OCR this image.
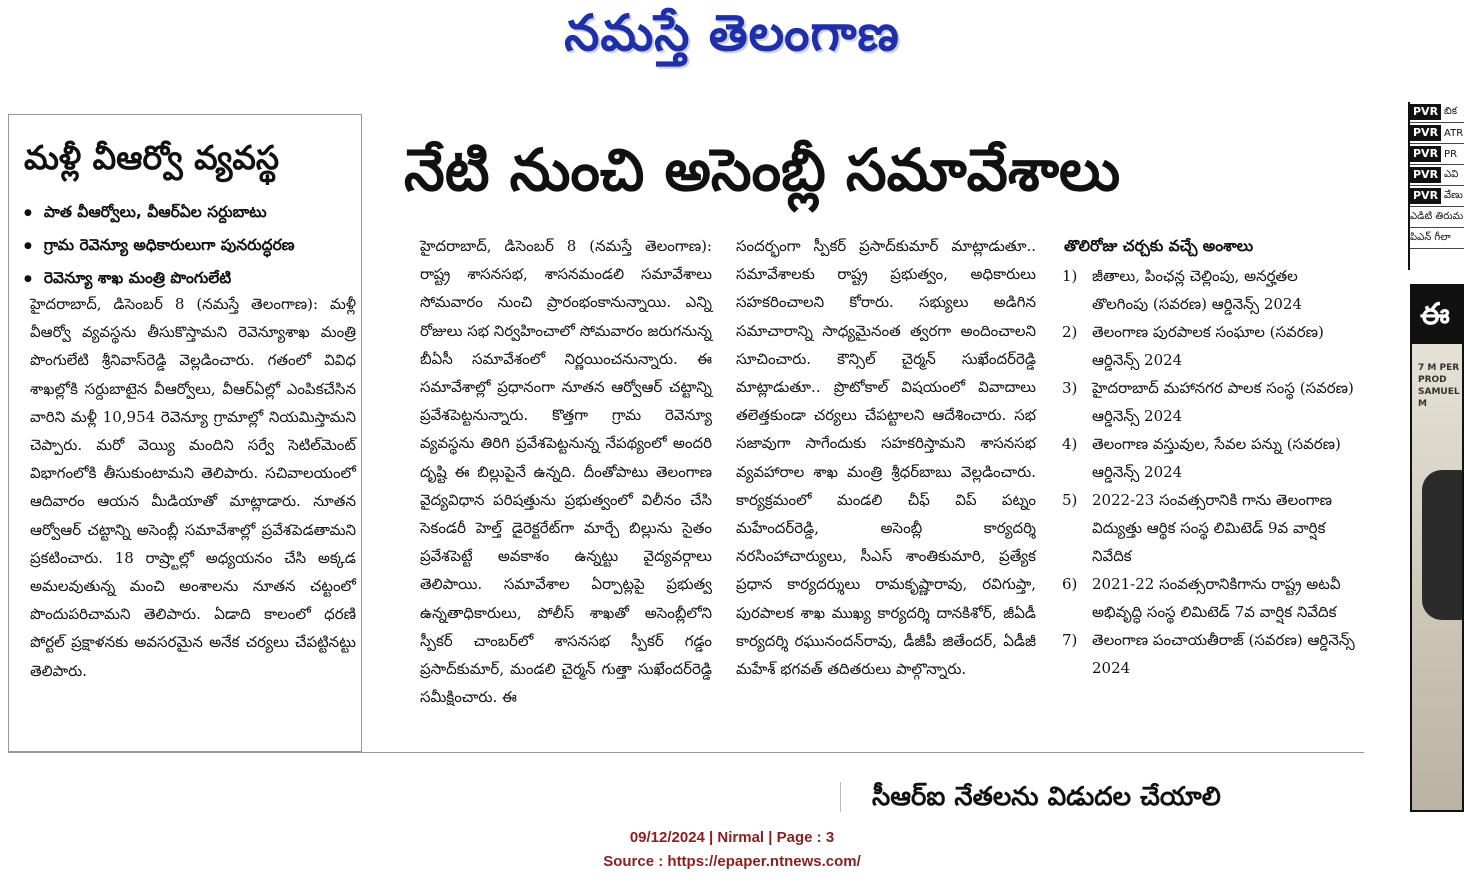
నమస్తే తెలంగాణ
మళ్లీ వీఆర్వో వ్యవస్థ
● పాత వీఆర్వోలు, వీఆర్‌ఏల సర్దుబాటు
● గ్రామ రెవెన్యూ అధికారులుగా పునరుద్ధరణ
● రెవెన్యూ శాఖ మంత్రి పొంగులేటి
హైదరాబాద్‌, డిసెంబర్‌ 8 (నమస్తే తెలంగాణ): మళ్లీ వీఆర్వో వ్యవస్థను తీసుకొస్తామని రెవెన్యూశాఖ మంత్రి పొంగులేటి శ్రీనివాస్‌రెడ్డి వెల్లడించారు. గతంలో వివిధ శాఖల్లోకి సర్దుబాటైన వీఆర్వోలు, వీఆర్‌ఏల్లో ఎంపికచేసిన వారిని మళ్లీ 10,954 రెవెన్యూ గ్రామాల్లో నియమిస్తామని చెప్పారు. మరో వెయ్యి మందిని సర్వే సెటిల్‌మెంట్‌ విభాగంలోకి తీసుకుంటామని తెలిపారు. సచివాలయంలో ఆదివారం ఆయన మీడియాతో మాట్లాడారు. నూతన ఆర్వోఆర్‌ చట్టాన్ని అసెంబ్లీ సమావేశాల్లో ప్రవేశపెడతామని ప్రకటించారు. 18 రాష్ర్టాల్లో అధ్యయనం చేసి అక్కడ అమలవుతున్న మంచి అంశాలను నూతన చట్టంలో పొందుపరిచామని తెలిపారు. ఏడాది కాలంలో ధరణి పోర్టల్‌ ప్రక్షాళనకు అవసరమైన అనేక చర్యలు చేపట్టినట్టు తెలిపారు.
నేటి నుంచి అసెంబ్లీ సమావేశాలు
హైదరాబాద్‌, డిసెంబర్‌ 8 (నమస్తే తెలంగాణ): రాష్ట్ర శాసనసభ, శాసనమండలి సమావేశాలు సోమవారం నుంచి ప్రారంభంకానున్నాయి. ఎన్ని రోజులు సభ నిర్వహించాలో సోమవారం జరుగనున్న బీఏసీ సమావేశంలో నిర్ణయించనున్నారు. ఈ సమావేశాల్లో ప్రధానంగా నూతన ఆర్వోఆర్‌ చట్టాన్ని ప్రవేశపెట్టనున్నారు. కొత్తగా గ్రామ రెవెన్యూ వ్యవస్థను తిరిగి ప్రవేశపెట్టనున్న నేపథ్యంలో అందరి దృష్టి ఈ బిల్లుపైనే ఉన్నది. దీంతోపాటు తెలంగాణ వైద్యవిధాన పరిషత్తును ప్రభుత్వంలో విలీనం చేసి సెకండరీ హెల్త్‌ డైరెక్టరేట్‌గా మార్చే బిల్లును సైతం ప్రవేశపెట్టే అవకాశం ఉన్నట్టు వైద్యవర్గాలు తెలిపాయి. సమావేశాల ఏర్పాట్లపై ప్రభుత్వ ఉన్నతాధికారులు, పోలీస్‌ శాఖతో అసెంబ్లీలోని స్పీకర్‌ చాంబర్‌లో శాసనసభ స్పీకర్‌ గడ్డం ప్రసాద్‌కుమార్‌, మండలి చైర్మన్‌ గుత్తా సుఖేందర్‌రెడ్డి సమీక్షించారు. ఈ
సందర్భంగా స్పీకర్‌ ప్రసాద్‌కుమార్‌ మాట్లాడుతూ.. సమావేశాలకు రాష్ట్ర ప్రభుత్వం, అధికారులు సహకరించాలని కోరారు. సభ్యులు అడిగిన సమాచారాన్ని సాధ్యమైనంత త్వరగా అందించాలని సూచించారు. కౌన్సిల్‌ చైర్మన్‌ సుఖేందర్‌రెడ్డి మాట్లాడుతూ.. ప్రొటోకాల్‌ విషయంలో వివాదాలు తలెత్తకుండా చర్యలు చేపట్టాలని ఆదేశించారు. సభ సజావుగా సాగేందుకు సహకరిస్తామని శాసనసభ వ్యవహారాల శాఖ మంత్రి శ్రీధర్‌బాబు వెల్లడించారు. కార్యక్రమంలో మండలి చీఫ్‌ విప్‌ పట్నం మహేందర్‌రెడ్డి, అసెంబ్లీ కార్యదర్శి నరసింహాచార్యులు, సీఎస్‌ శాంతికుమారి, ప్రత్యేక ప్రధాన కార్యదర్శులు రామకృష్ణారావు, రవిగుప్తా, పురపాలక శాఖ ముఖ్య కార్యదర్శి దానకిశోర్‌, జీఏడీ కార్యదర్శి రఘునందన్‌రావు, డీజీపీ జితేందర్‌, ఏడీజీ మహేశ్‌ భగవత్‌ తదితరులు పాల్గొన్నారు.
తొలిరోజు చర్చకు వచ్చే అంశాలు
1) జీతాలు, పింఛన్ల చెల్లింపు, అనర్హతల తొలగింపు (సవరణ) ఆర్డినెన్స్‌ 2024
2) తెలంగాణ పురపాలక సంఘాల (సవరణ) ఆర్డినెన్స్‌ 2024
3) హైదరాబాద్‌ మహానగర పాలక సంస్థ (సవరణ) ఆర్డినెన్స్‌ 2024
4) తెలంగాణ వస్తువుల, సేవల పన్ను (సవరణ) ఆర్డినెన్స్‌ 2024
5) 2022-23 సంవత్సరానికి గాను తెలంగాణ విద్యుత్తు ఆర్థిక సంస్థ లిమిటెడ్‌ 9వ వార్షిక నివేదిక
6) 2021-22 సంవత్సరానికిగాను రాష్ట్ర అటవీ అభివృద్ధి సంస్థ లిమిటెడ్‌ 7వ వార్షిక నివేదిక
7) తెలంగాణ పంచాయతీరాజ్‌ (సవరణ) ఆర్డినెన్స్‌ 2024
సీఆర్‌ఐ నేతలను విడుదల చేయాలి
PVR బిక
PVR ATR
PVR PR
PVR ఎవి
PVR వేణు
ఎడిటి తిరుమ
పిఎన్‌ గీలా
ఈ
7 M PER PROD SAMUEL M
09/12/2024 | Nirmal | Page : 3
Source : https://epaper.ntnews.com/
